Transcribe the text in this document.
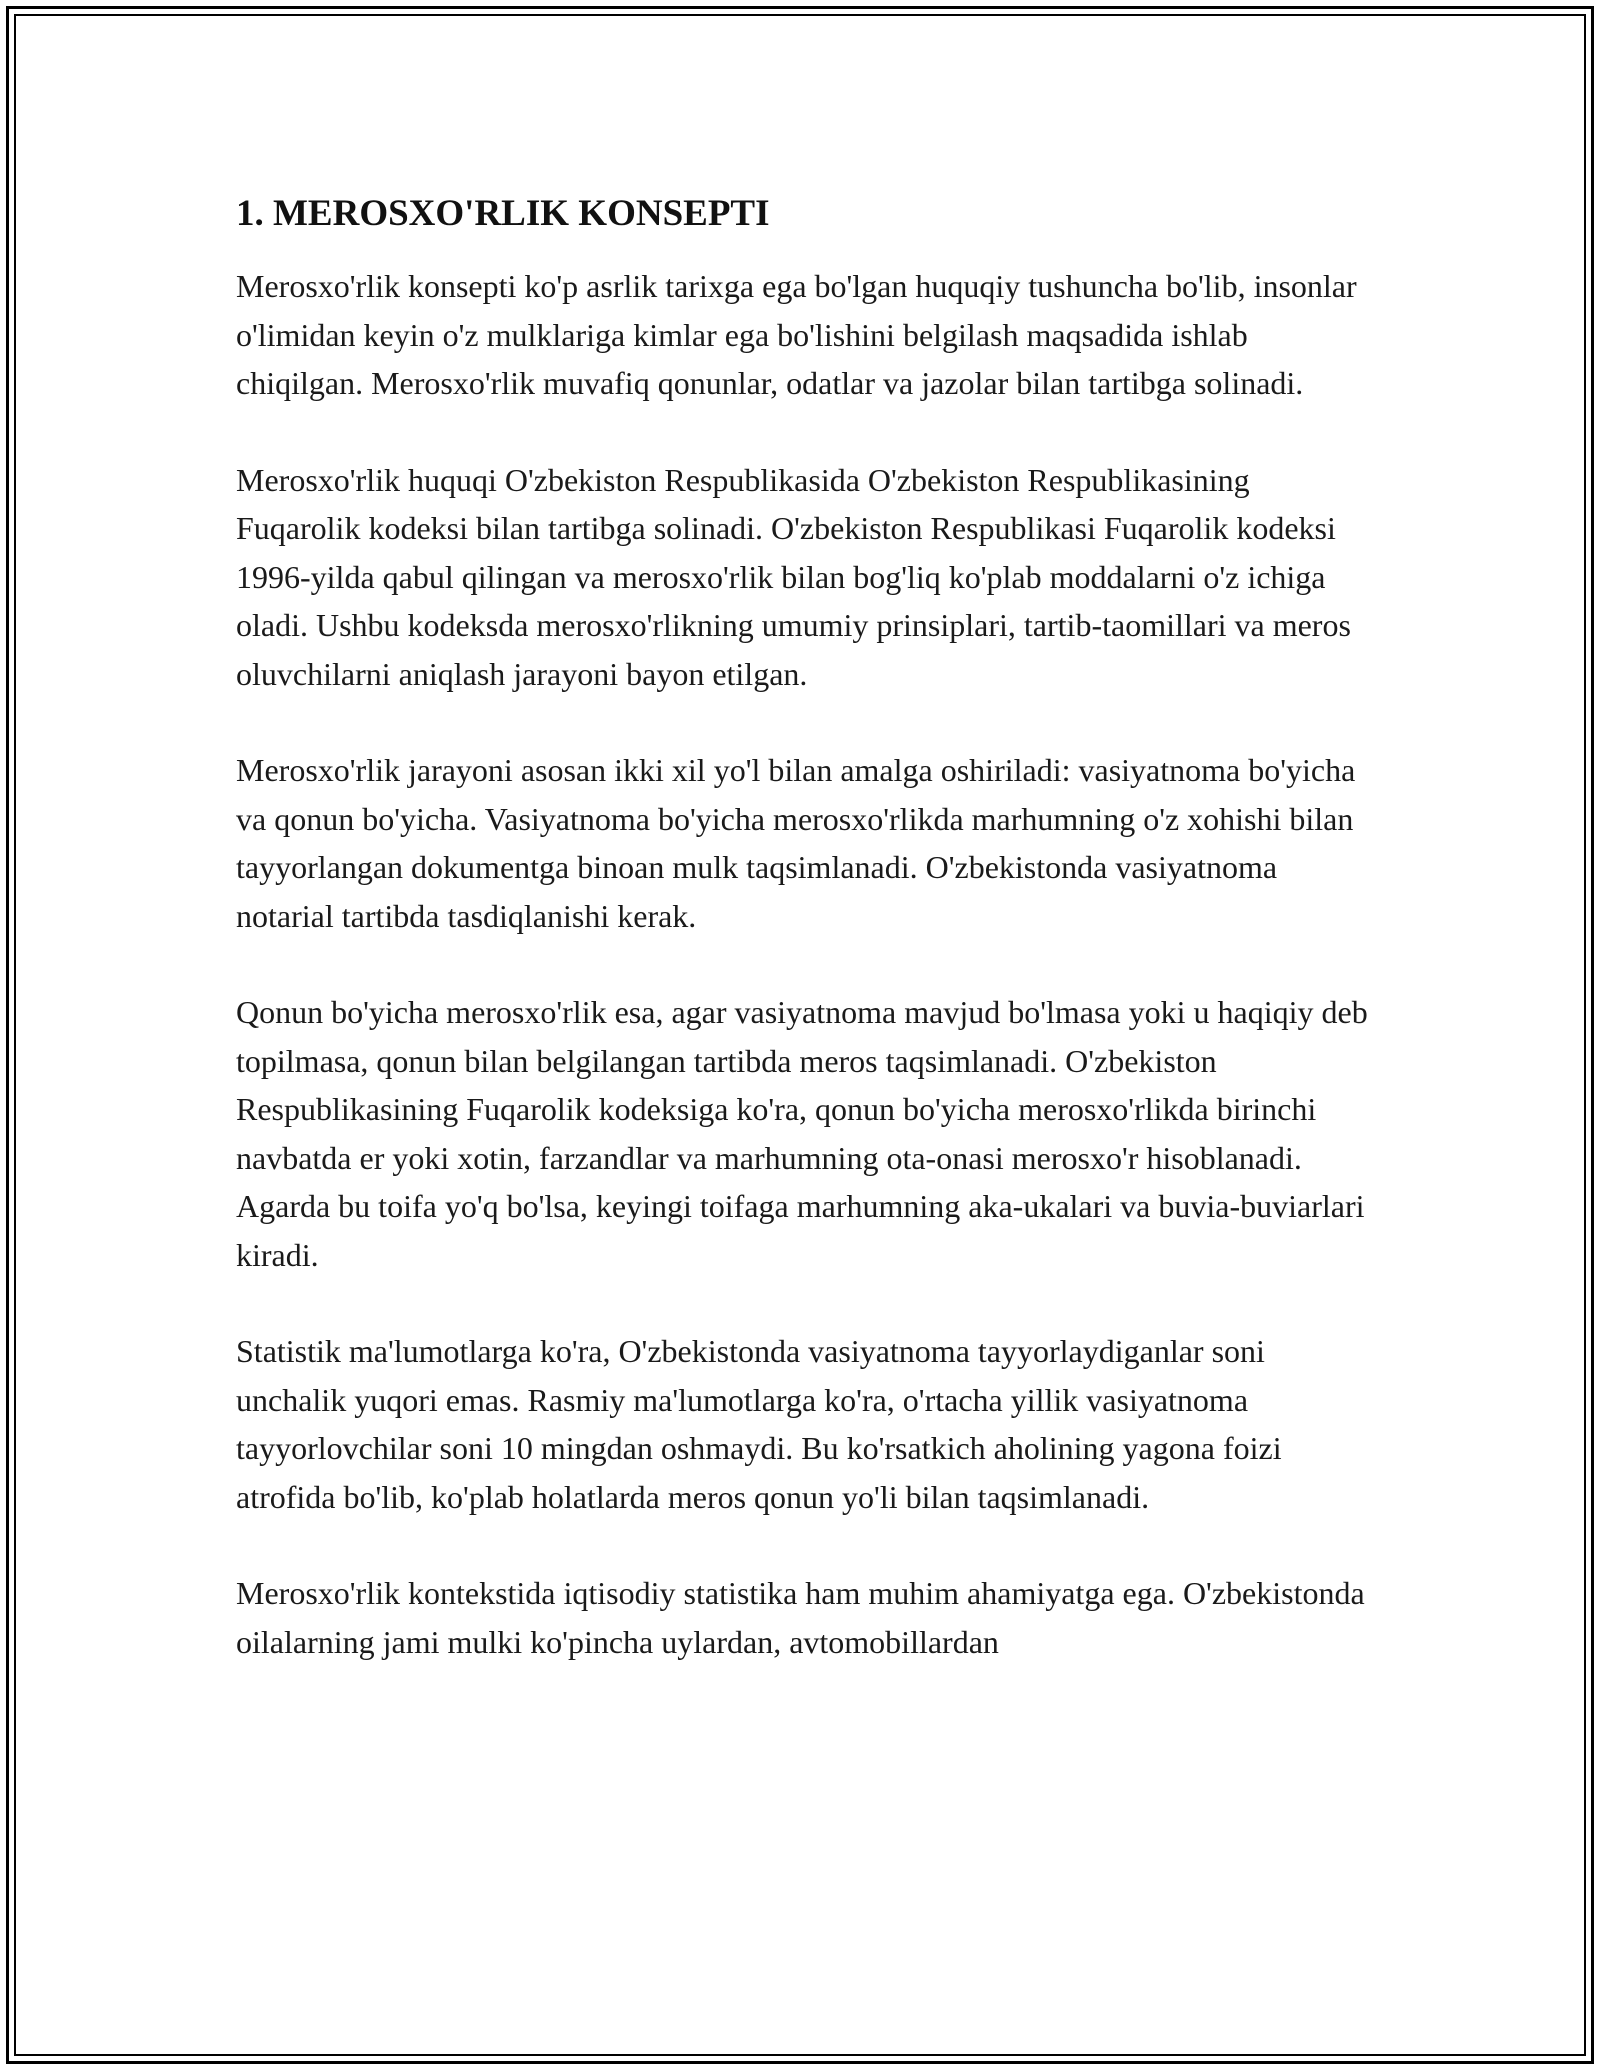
1. MEROSXO'RLIK KONSEPTI

Merosxo'rlik konsepti ko'p asrlik tarixga ega bo'lgan huquqiy tushuncha bo'lib, insonlar o'limidan keyin o'z mulklariga kimlar ega bo'lishini belgilash maqsadida ishlab chiqilgan. Merosxo'rlik muvafiq qonunlar, odatlar va jazolar bilan tartibga solinadi.

Merosxo'rlik huquqi O'zbekiston Respublikasida O'zbekiston Respublikasining Fuqarolik kodeksi bilan tartibga solinadi. O'zbekiston Respublikasi Fuqarolik kodeksi 1996-yilda qabul qilingan va merosxo'rlik bilan bog'liq ko'plab moddalarni o'z ichiga oladi. Ushbu kodeksda merosxo'rlikning umumiy prinsiplari, tartib-taomillari va meros oluvchilarni aniqlash jarayoni bayon etilgan.

Merosxo'rlik jarayoni asosan ikki xil yo'l bilan amalga oshiriladi: vasiyatnoma bo'yicha va qonun bo'yicha. Vasiyatnoma bo'yicha merosxo'rlikda marhumning o'z xohishi bilan tayyorlangan dokumentga binoan mulk taqsimlanadi. O'zbekistonda vasiyatnoma notarial tartibda tasdiqlanishi kerak.

Qonun bo'yicha merosxo'rlik esa, agar vasiyatnoma mavjud bo'lmasa yoki u haqiqiy deb topilmasa, qonun bilan belgilangan tartibda meros taqsimlanadi. O'zbekiston Respublikasining Fuqarolik kodeksiga ko'ra, qonun bo'yicha merosxo'rlikda birinchi navbatda er yoki xotin, farzandlar va marhumning ota-onasi merosxo'r hisoblanadi. Agarda bu toifa yo'q bo'lsa, keyingi toifaga marhumning aka-ukalari va buvia-buviarlari kiradi.

Statistik ma'lumotlarga ko'ra, O'zbekistonda vasiyatnoma tayyorlaydiganlar soni unchalik yuqori emas. Rasmiy ma'lumotlarga ko'ra, o'rtacha yillik vasiyatnoma tayyorlovchilar soni 10 mingdan oshmaydi. Bu ko'rsatkich aholining yagona foizi atrofida bo'lib, ko'plab holatlarda meros qonun yo'li bilan taqsimlanadi.

Merosxo'rlik kontekstida iqtisodiy statistika ham muhim ahamiyatga ega. O'zbekistonda oilalarning jami mulki ko'pincha uylardan, avtomobillardan
